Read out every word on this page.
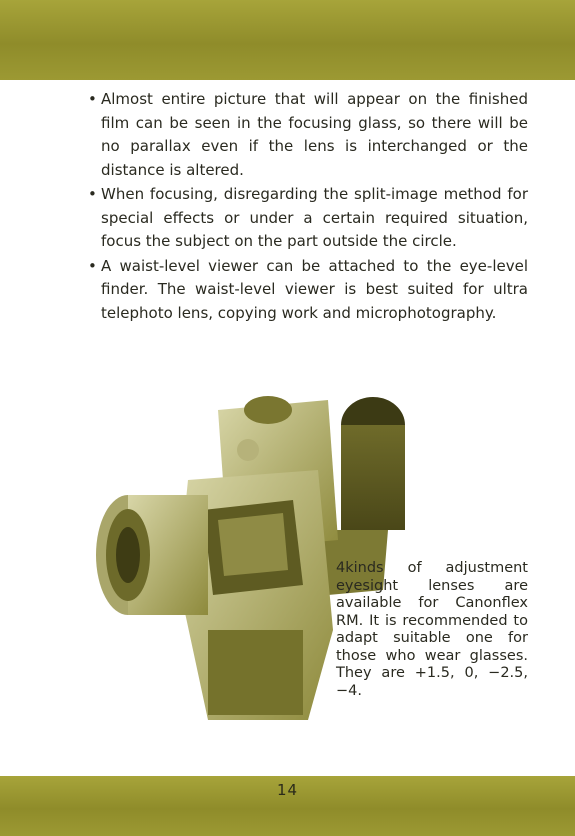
• Almost entire picture that will appear on the finished film can be seen in the focusing glass, so there will be no parallax even if the lens is interchanged or the distance is altered.
• When focusing, disregarding the split-image method for special effects or under a certain required situation, focus the subject on the part outside the circle.
• A waist-level viewer can be attached to the eye-level finder. The waist-level viewer is best suited for ultra telephoto lens, copying work and microphotography.
4kinds of adjustment eyesight lenses are available for Canonflex RM. It is recommended to adapt suitable one for those who wear glasses. They are +1.5, 0, −2.5, −4.
14
